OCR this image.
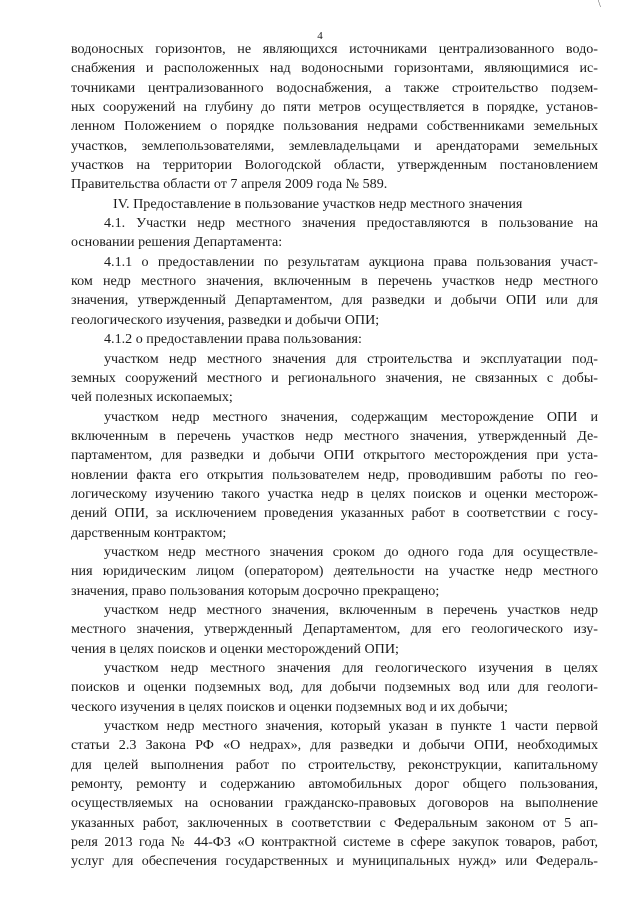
4
\
водоносных горизонтов, не являющихся источниками централизованного водо-
снабжения и расположенных над водоносными горизонтами, являющимися ис-
точниками централизованного водоснабжения, а также строительство подзем-
ных сооружений на глубину до пяти метров осуществляется в порядке, установ-
ленном Положением о порядке пользования недрами собственниками земельных
участков, землепользователями, землевладельцами и арендаторами земельных
участков на территории Вологодской области, утвержденным постановлением
Правительства области от 7 апреля 2009 года № 589.
IV. Предоставление в пользование участков недр местного значения
4.1. Участки недр местного значения предоставляются в пользование на
основании решения Департамента:
4.1.1 о предоставлении по результатам аукциона права пользования участ-
ком недр местного значения, включенным в перечень участков недр местного
значения, утвержденный Департаментом, для разведки и добычи ОПИ или для
геологического изучения, разведки и добычи ОПИ;
4.1.2 о предоставлении права пользования:
участком недр местного значения для строительства и эксплуатации под-
земных сооружений местного и регионального значения, не связанных с добы-
чей полезных ископаемых;
участком недр местного значения, содержащим месторождение ОПИ и
включенным в перечень участков недр местного значения, утвержденный Де-
партаментом, для разведки и добычи ОПИ открытого месторождения при уста-
новлении факта его открытия пользователем недр, проводившим работы по гео-
логическому изучению такого участка недр в целях поисков и оценки месторож-
дений ОПИ, за исключением проведения указанных работ в соответствии с госу-
дарственным контрактом;
участком недр местного значения сроком до одного года для осуществле-
ния юридическим лицом (оператором) деятельности на участке недр местного
значения, право пользования которым досрочно прекращено;
участком недр местного значения, включенным в перечень участков недр
местного значения, утвержденный Департаментом, для его геологического изу-
чения в целях поисков и оценки месторождений ОПИ;
участком недр местного значения для геологического изучения в целях
поисков и оценки подземных вод, для добычи подземных вод или для геологи-
ческого изучения в целях поисков и оценки подземных вод и их добычи;
участком недр местного значения, который указан в пункте 1 части первой
статьи 2.3 Закона РФ «О недрах», для разведки и добычи ОПИ, необходимых
для целей выполнения работ по строительству, реконструкции, капитальному
ремонту, ремонту и содержанию автомобильных дорог общего пользования,
осуществляемых на основании гражданско-правовых договоров на выполнение
указанных работ, заключенных в соответствии с Федеральным законом от 5 ап-
реля 2013 года № 44-ФЗ «О контрактной системе в сфере закупок товаров, работ,
услуг для обеспечения государственных и муниципальных нужд» или Федераль-
